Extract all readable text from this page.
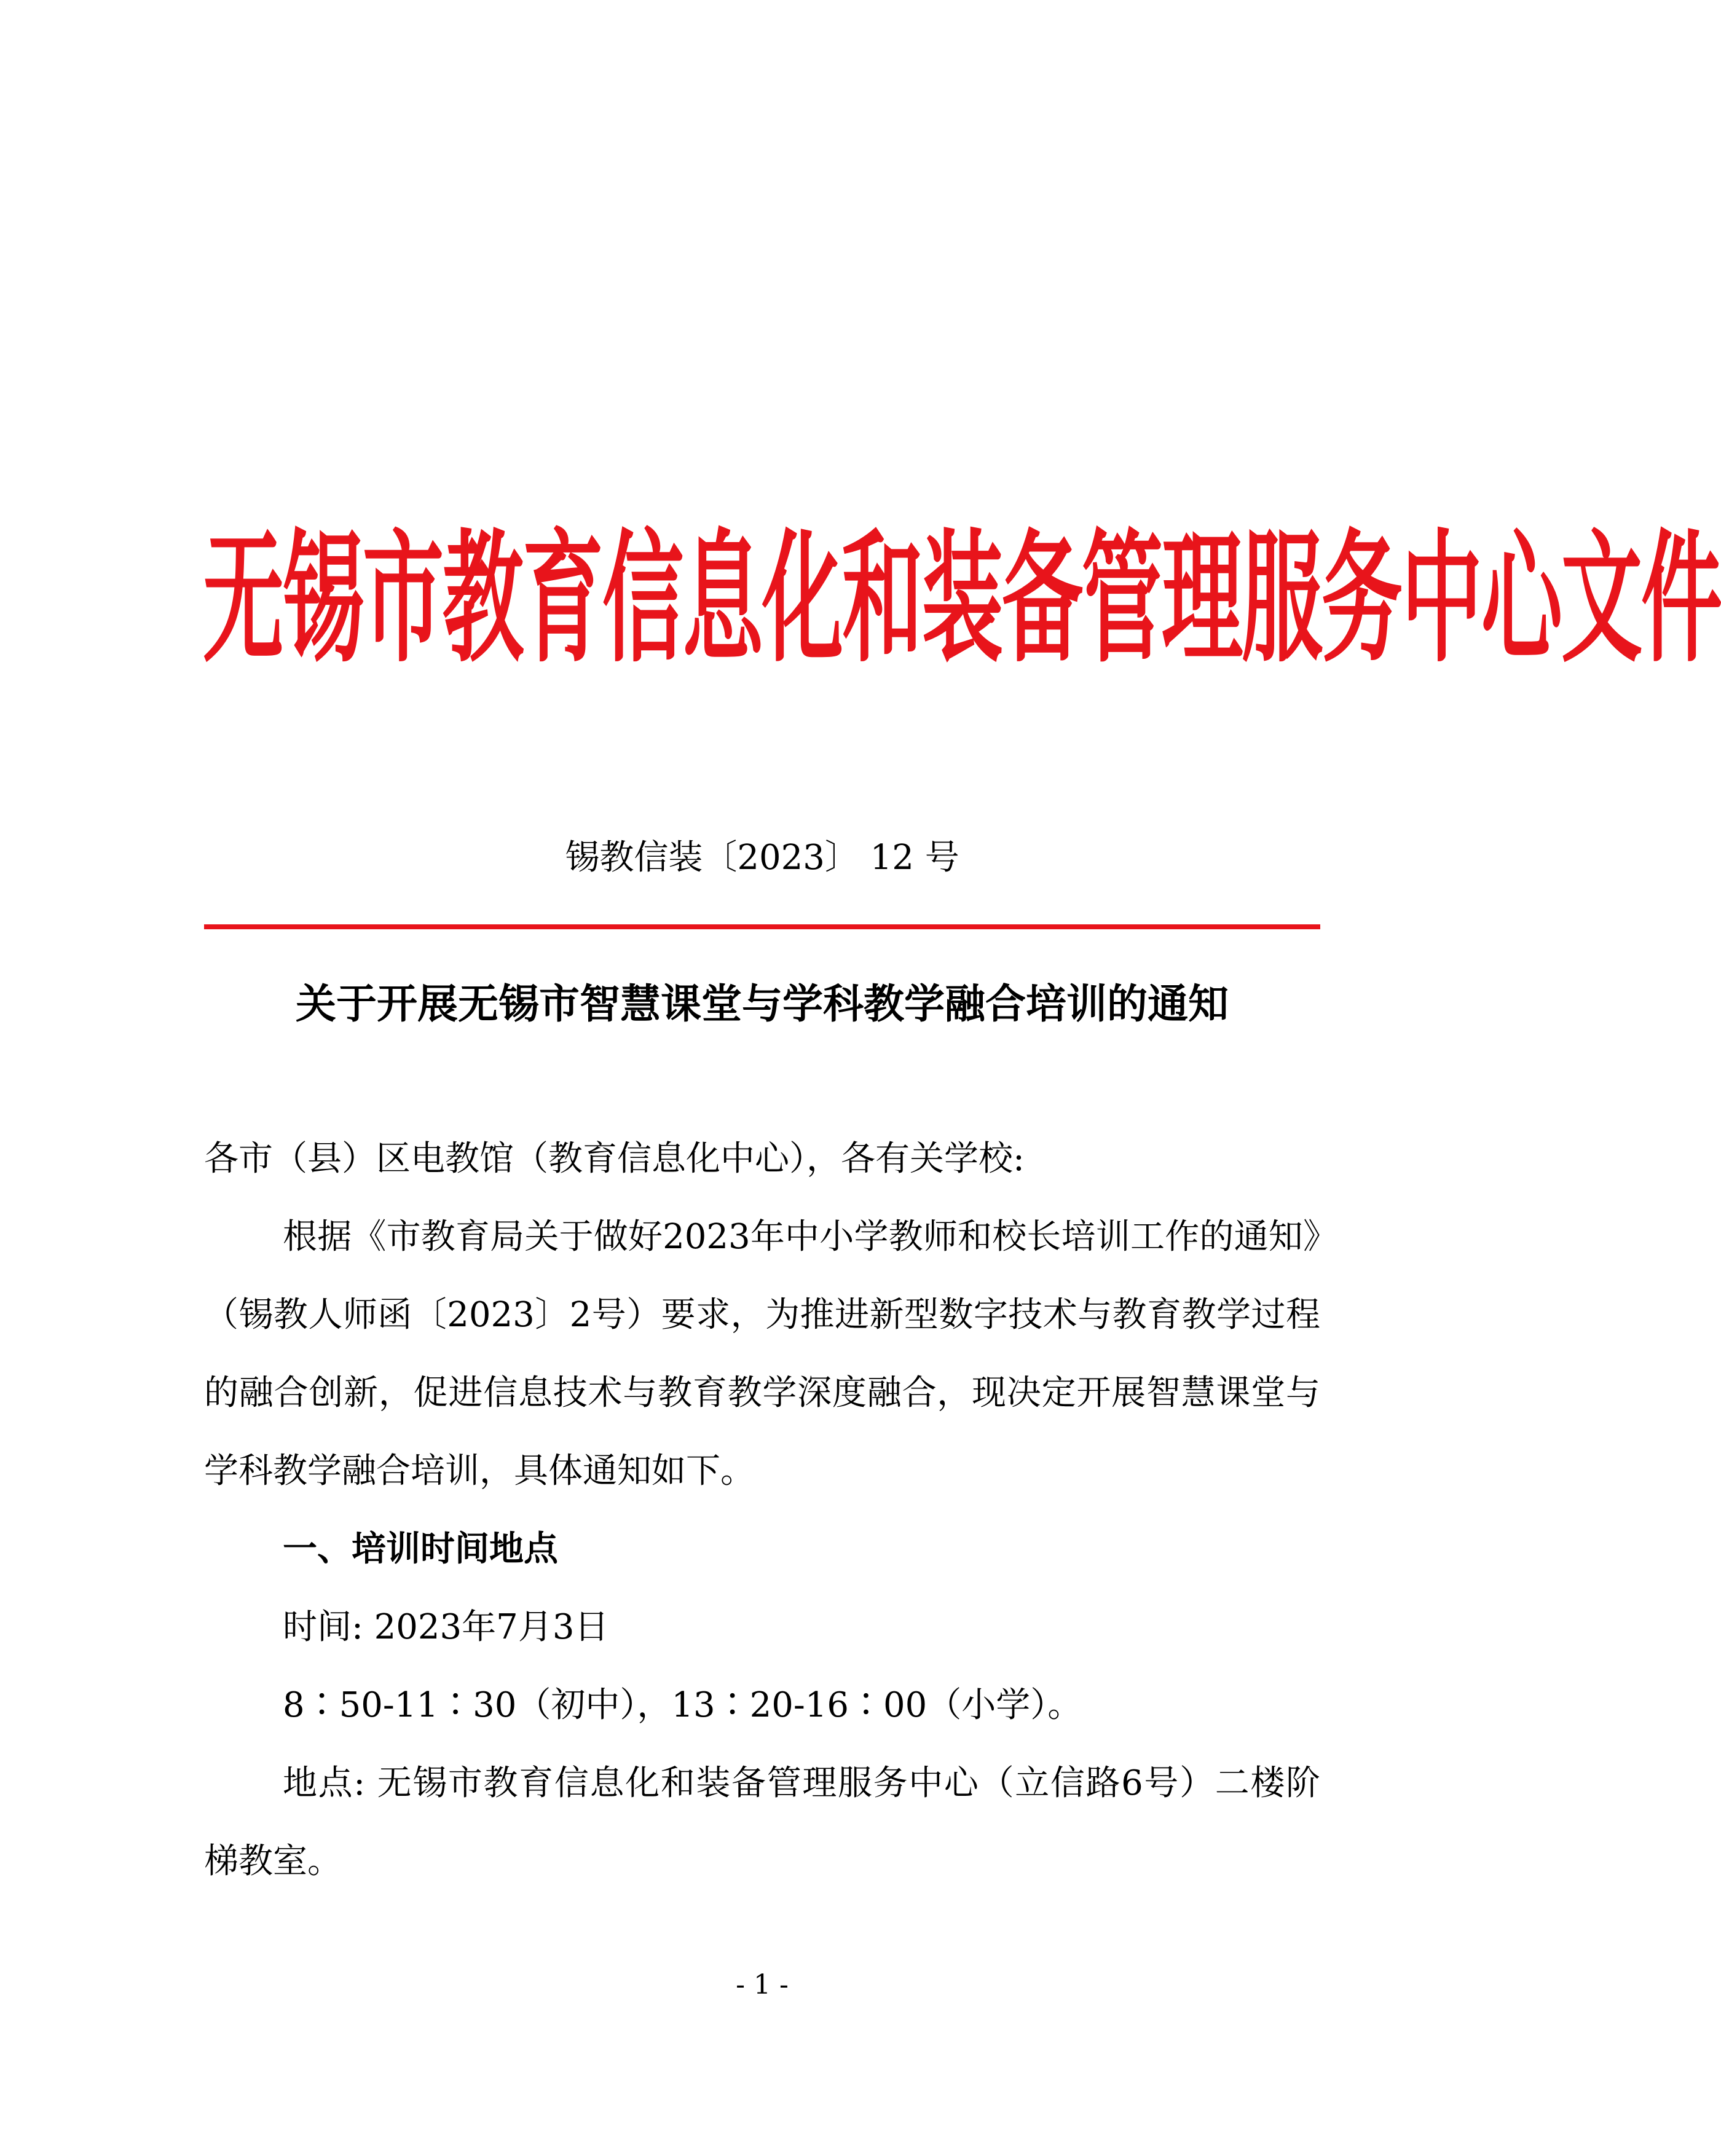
无锡市教育信息化和装备管理服务中心文件
锡教信装〔2023〕 12 号
关于开展无锡市智慧课堂与学科教学融合培训的通知

各市（县）区电教馆（教育信息化中心），各有关学校:

根据《市教育局关于做好2023年中小学教师和校长培训工作的通知》（锡教人师函〔2023〕2号）要求，为推进新型数字技术与教育教学过程的融合创新，促进信息技术与教育教学深度融合，现决定开展智慧课堂与学科教学融合培训，具体通知如下。

一、培训时间地点

时间: 2023年7月3日

8∶50-11∶30（初中），13∶20-16∶00（小学）。

地点: 无锡市教育信息化和装备管理服务中心（立信路6号）二楼阶梯教室。

- 1 -
